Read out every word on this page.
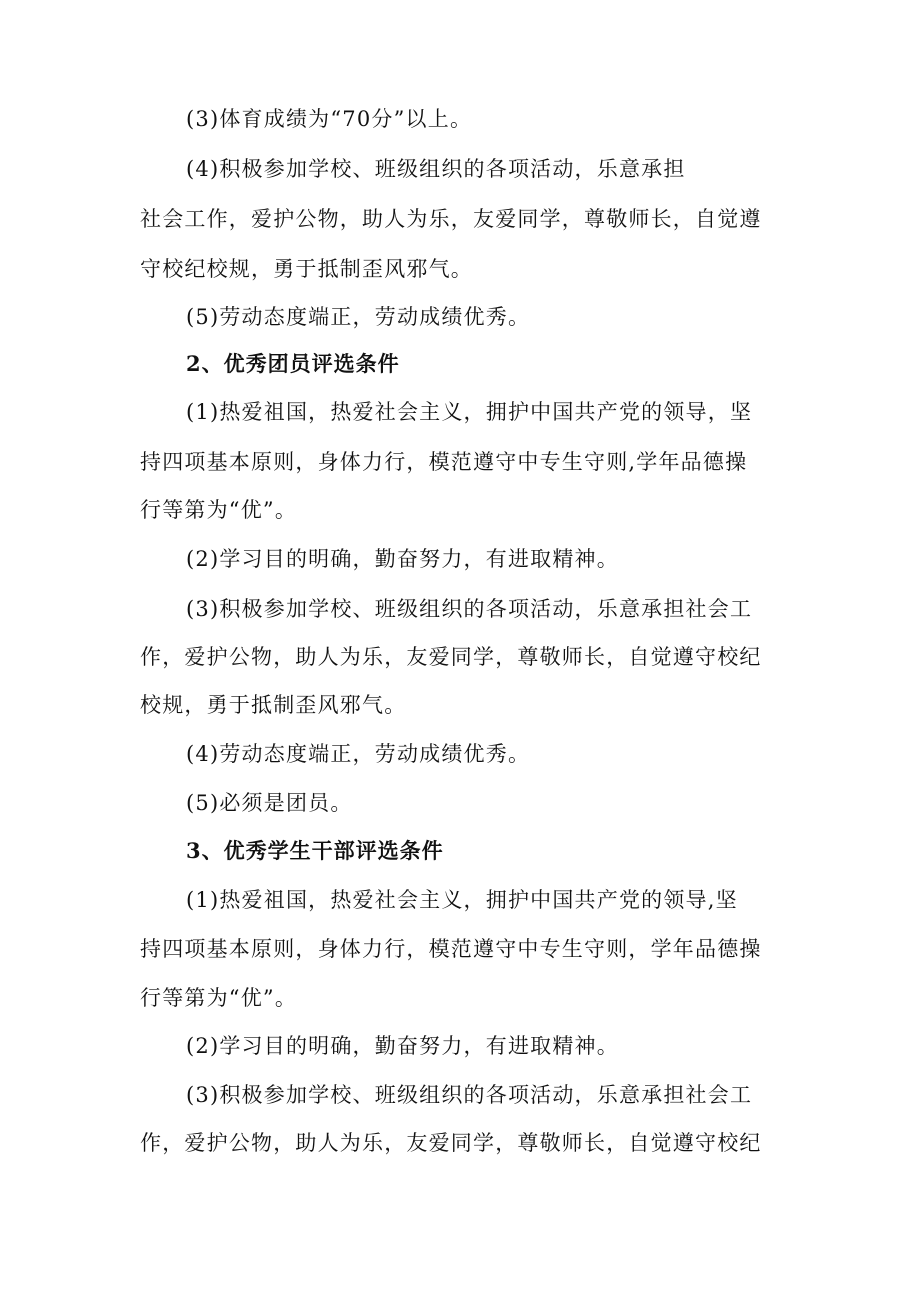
(3)体育成绩为“70分”以上。
(4)积极参加学校、班级组织的各项活动，乐意承担
社会工作，爱护公物，助人为乐，友爱同学，尊敬师长，自觉遵
守校纪校规，勇于抵制歪风邪气。
(5)劳动态度端正，劳动成绩优秀。
2、优秀团员评选条件
(1)热爱祖国，热爱社会主义，拥护中国共产党的领导，坚
持四项基本原则，身体力行，模范遵守中专生守则,学年品德操
行等第为“优”。
(2)学习目的明确，勤奋努力，有进取精神。
(3)积极参加学校、班级组织的各项活动，乐意承担社会工
作，爱护公物，助人为乐，友爱同学，尊敬师长，自觉遵守校纪
校规，勇于抵制歪风邪气。
(4)劳动态度端正，劳动成绩优秀。
(5)必须是团员。
3、优秀学生干部评选条件
(1)热爱祖国，热爱社会主义，拥护中国共产党的领导,坚
持四项基本原则，身体力行，模范遵守中专生守则，学年品德操
行等第为“优”。
(2)学习目的明确，勤奋努力，有进取精神。
(3)积极参加学校、班级组织的各项活动，乐意承担社会工
作，爱护公物，助人为乐，友爱同学，尊敬师长，自觉遵守校纪
